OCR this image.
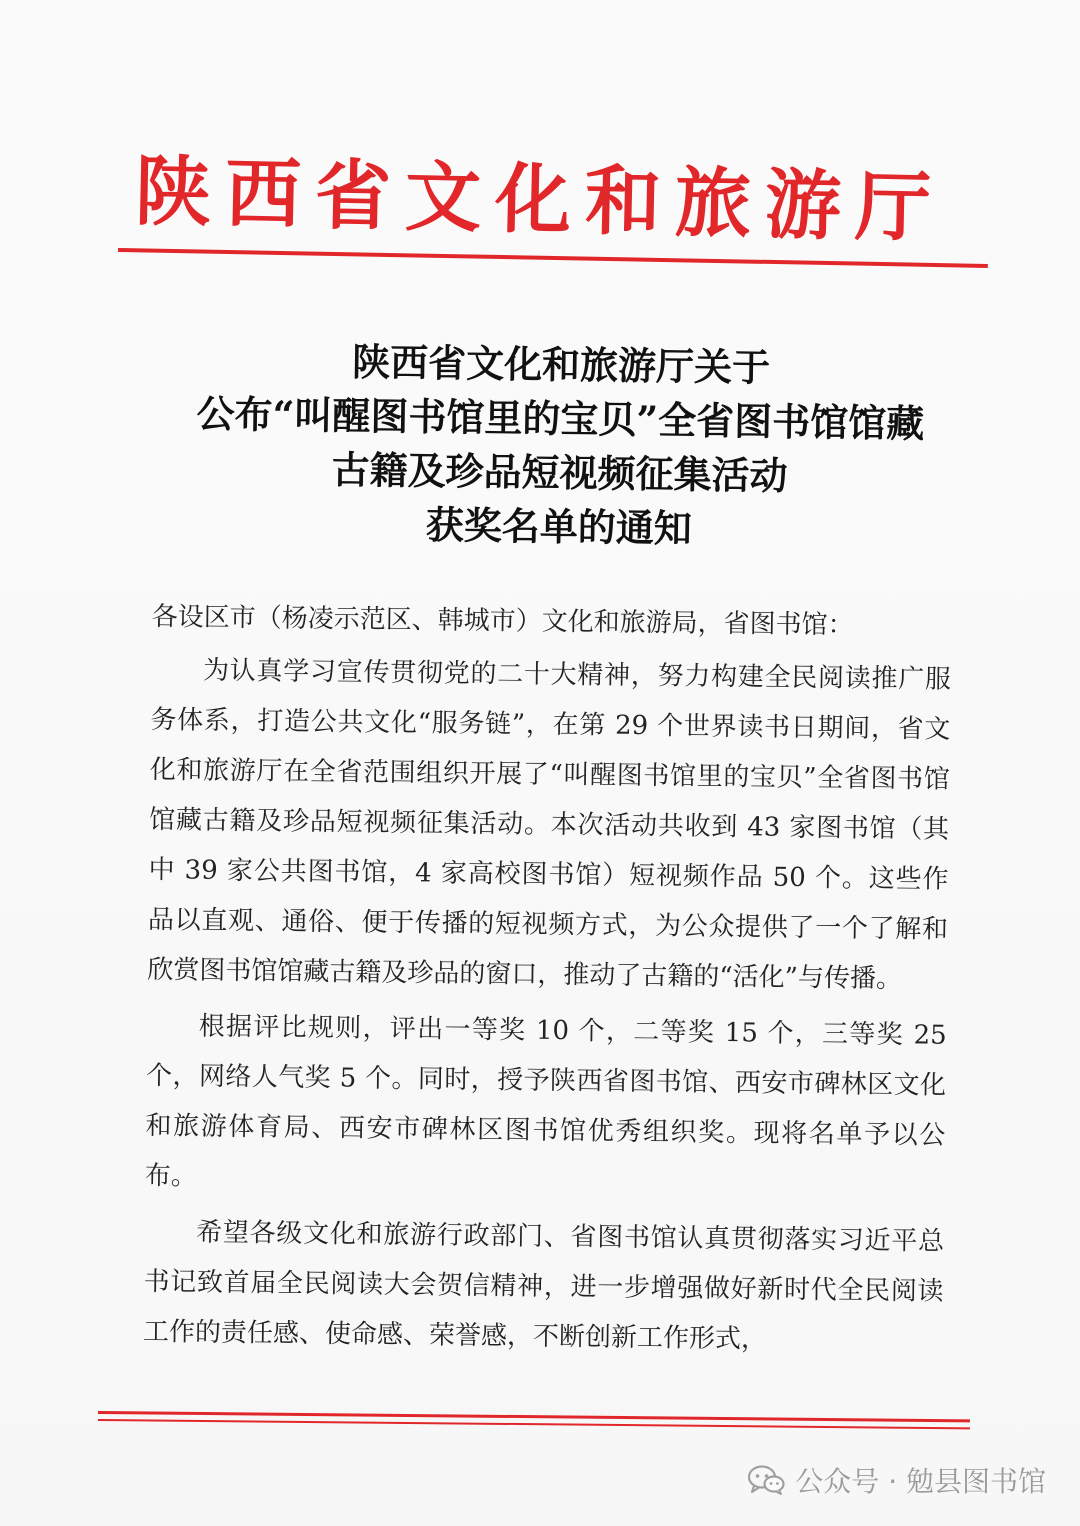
陕西省文化和旅游厅
陕西省文化和旅游厅关于
公布“叫醒图书馆里的宝贝”全省图书馆馆藏
古籍及珍品短视频征集活动
获奖名单的通知

各设区市（杨凌示范区、韩城市）文化和旅游局，省图书馆：

为认真学习宣传贯彻党的二十大精神，努力构建全民阅读推广服务体系，打造公共文化“服务链”，在第 29 个世界读书日期间，省文化和旅游厅在全省范围组织开展了“叫醒图书馆里的宝贝”全省图书馆馆藏古籍及珍品短视频征集活动。本次活动共收到 43 家图书馆（其中 39 家公共图书馆，4 家高校图书馆）短视频作品 50 个。这些作品以直观、通俗、便于传播的短视频方式，为公众提供了一个了解和欣赏图书馆馆藏古籍及珍品的窗口，推动了古籍的“活化”与传播。

根据评比规则，评出一等奖 10 个，二等奖 15 个，三等奖 25 个，网络人气奖 5 个。同时，授予陕西省图书馆、西安市碑林区文化和旅游体育局、西安市碑林区图书馆优秀组织奖。现将名单予以公布。

希望各级文化和旅游行政部门、省图书馆认真贯彻落实习近平总书记致首届全民阅读大会贺信精神，进一步增强做好新时代全民阅读工作的责任感、使命感、荣誉感，不断创新工作形式，

公众号 · 勉县图书馆
